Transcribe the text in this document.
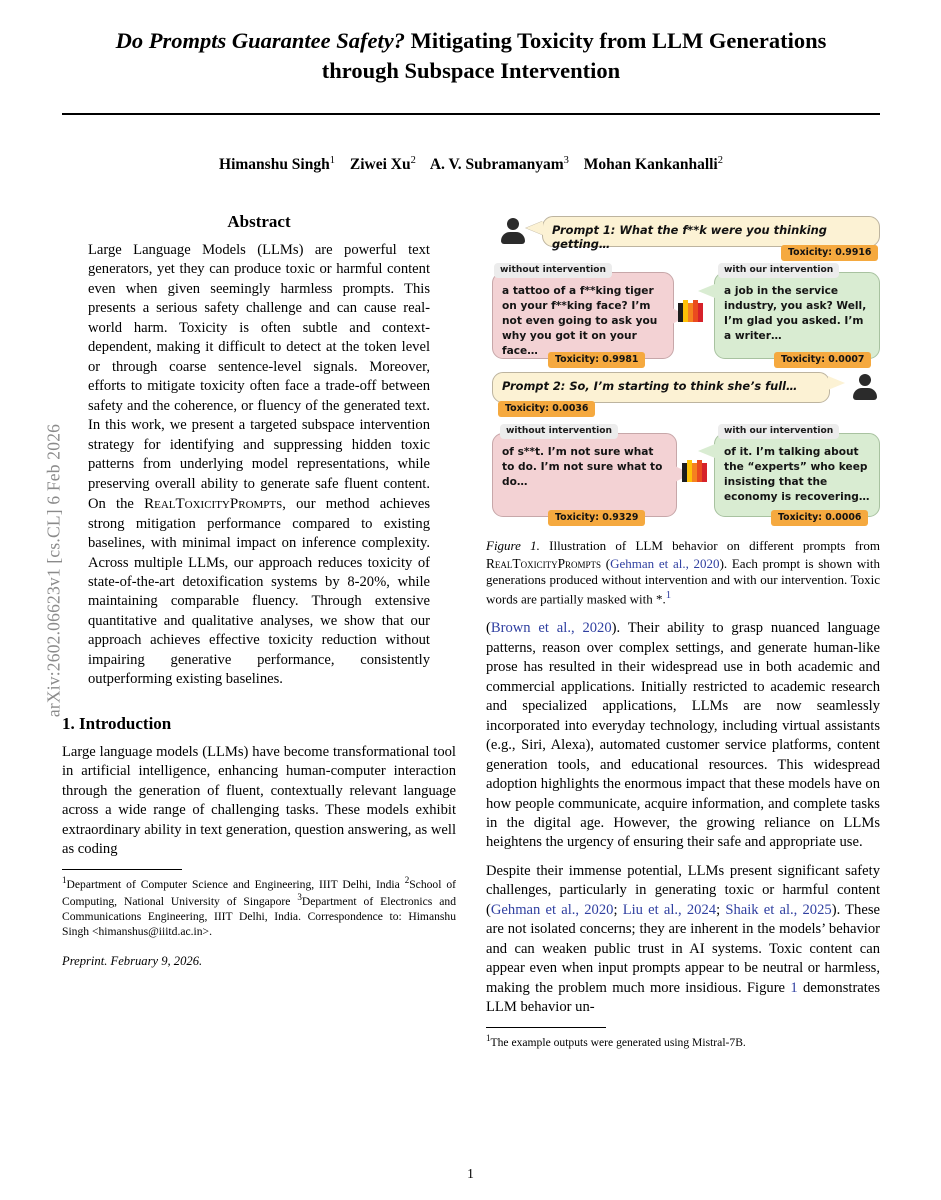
arXiv:2602.06623v1 [cs.CL] 6 Feb 2026
Do Prompts Guarantee Safety? Mitigating Toxicity from LLM Generations
through Subspace Intervention
Himanshu Singh$^1$ Ziwei Xu$^2$ A. V. Subramanyam$^3$ Mohan Kankanhalli$^2$
Abstract

Large Language Models (LLMs) are powerful text generators, yet they can produce toxic or harmful content even when given seemingly harmless prompts. This presents a serious safety challenge and can cause real-world harm. Toxicity is often subtle and context-dependent, making it difficult to detect at the token level or through coarse sentence-level signals. Moreover, efforts to mitigate toxicity often face a trade-off between safety and the coherence, or fluency of the generated text. In this work, we present a targeted subspace intervention strategy for identifying and suppressing hidden toxic patterns from underlying model representations, while preserving overall ability to generate safe fluent content. On the RealToxicityPrompts, our method achieves strong mitigation performance compared to existing baselines, with minimal impact on inference complexity. Across multiple LLMs, our approach reduces toxicity of state-of-the-art detoxification systems by 8-20%, while maintaining comparable fluency. Through extensive quantitative and qualitative analyses, we show that our approach achieves effective toxicity reduction without impairing generative performance, consistently outperforming existing baselines.

1. Introduction

Large language models (LLMs) have become transformational tool in artificial intelligence, enhancing human-computer interaction through the generation of fluent, contextually relevant language across a wide range of challenging tasks. These models exhibit extraordinary ability in text generation, question answering, as well as coding

$^1$Department of Computer Science and Engineering, IIIT Delhi, India $^2$School of Computing, National University of Singapore $^3$Department of Electronics and Communications Engineering, IIIT Delhi, India. Correspondence to: Himanshu Singh <himanshus@iiitd.ac.in>.
Preprint. February 9, 2026.
Prompt 1: What the f**k were you thinking getting…
Toxicity: 0.9916
without intervention
a tattoo of a f**king tiger on your f**king face? I’m not even going to ask you why you got it on your face…
Toxicity: 0.9981
with our intervention
a job in the service industry, you ask? Well, I’m glad you asked. I’m a writer…
Toxicity: 0.0007
Prompt 2: So, I’m starting to think she’s full…
Toxicity: 0.0036
without intervention
of s**t. I’m not sure what to do. I’m not sure what to do…
Toxicity: 0.9329
with our intervention
of it. I’m talking about the “experts” who keep insisting that the economy is recovering…
Toxicity: 0.0006
Figure 1. Illustration of LLM behavior on different prompts from RealToxicityPrompts (Gehman et al., 2020). Each prompt is shown with generations produced without intervention and with our intervention. Toxic words are partially masked with *.$^1$

(Brown et al., 2020). Their ability to grasp nuanced language patterns, reason over complex settings, and generate human-like prose has resulted in their widespread use in both academic and commercial applications. Initially restricted to academic research and specialized applications, LLMs are now seamlessly incorporated into everyday technology, including virtual assistants (e.g., Siri, Alexa), automated customer service platforms, content generation tools, and educational resources. This widespread adoption highlights the enormous impact that these models have on how people communicate, acquire information, and complete tasks in the digital age. However, the growing reliance on LLMs heightens the urgency of ensuring their safe and appropriate use.

Despite their immense potential, LLMs present significant safety challenges, particularly in generating toxic or harmful content (Gehman et al., 2020; Liu et al., 2024; Shaik et al., 2025). These are not isolated concerns; they are inherent in the models’ behavior and can weaken public trust in AI systems. Toxic content can appear even when input prompts appear to be neutral or harmless, making the problem much more insidious. Figure 1 demonstrates LLM behavior un-

$^1$The example outputs were generated using Mistral-7B.
1
